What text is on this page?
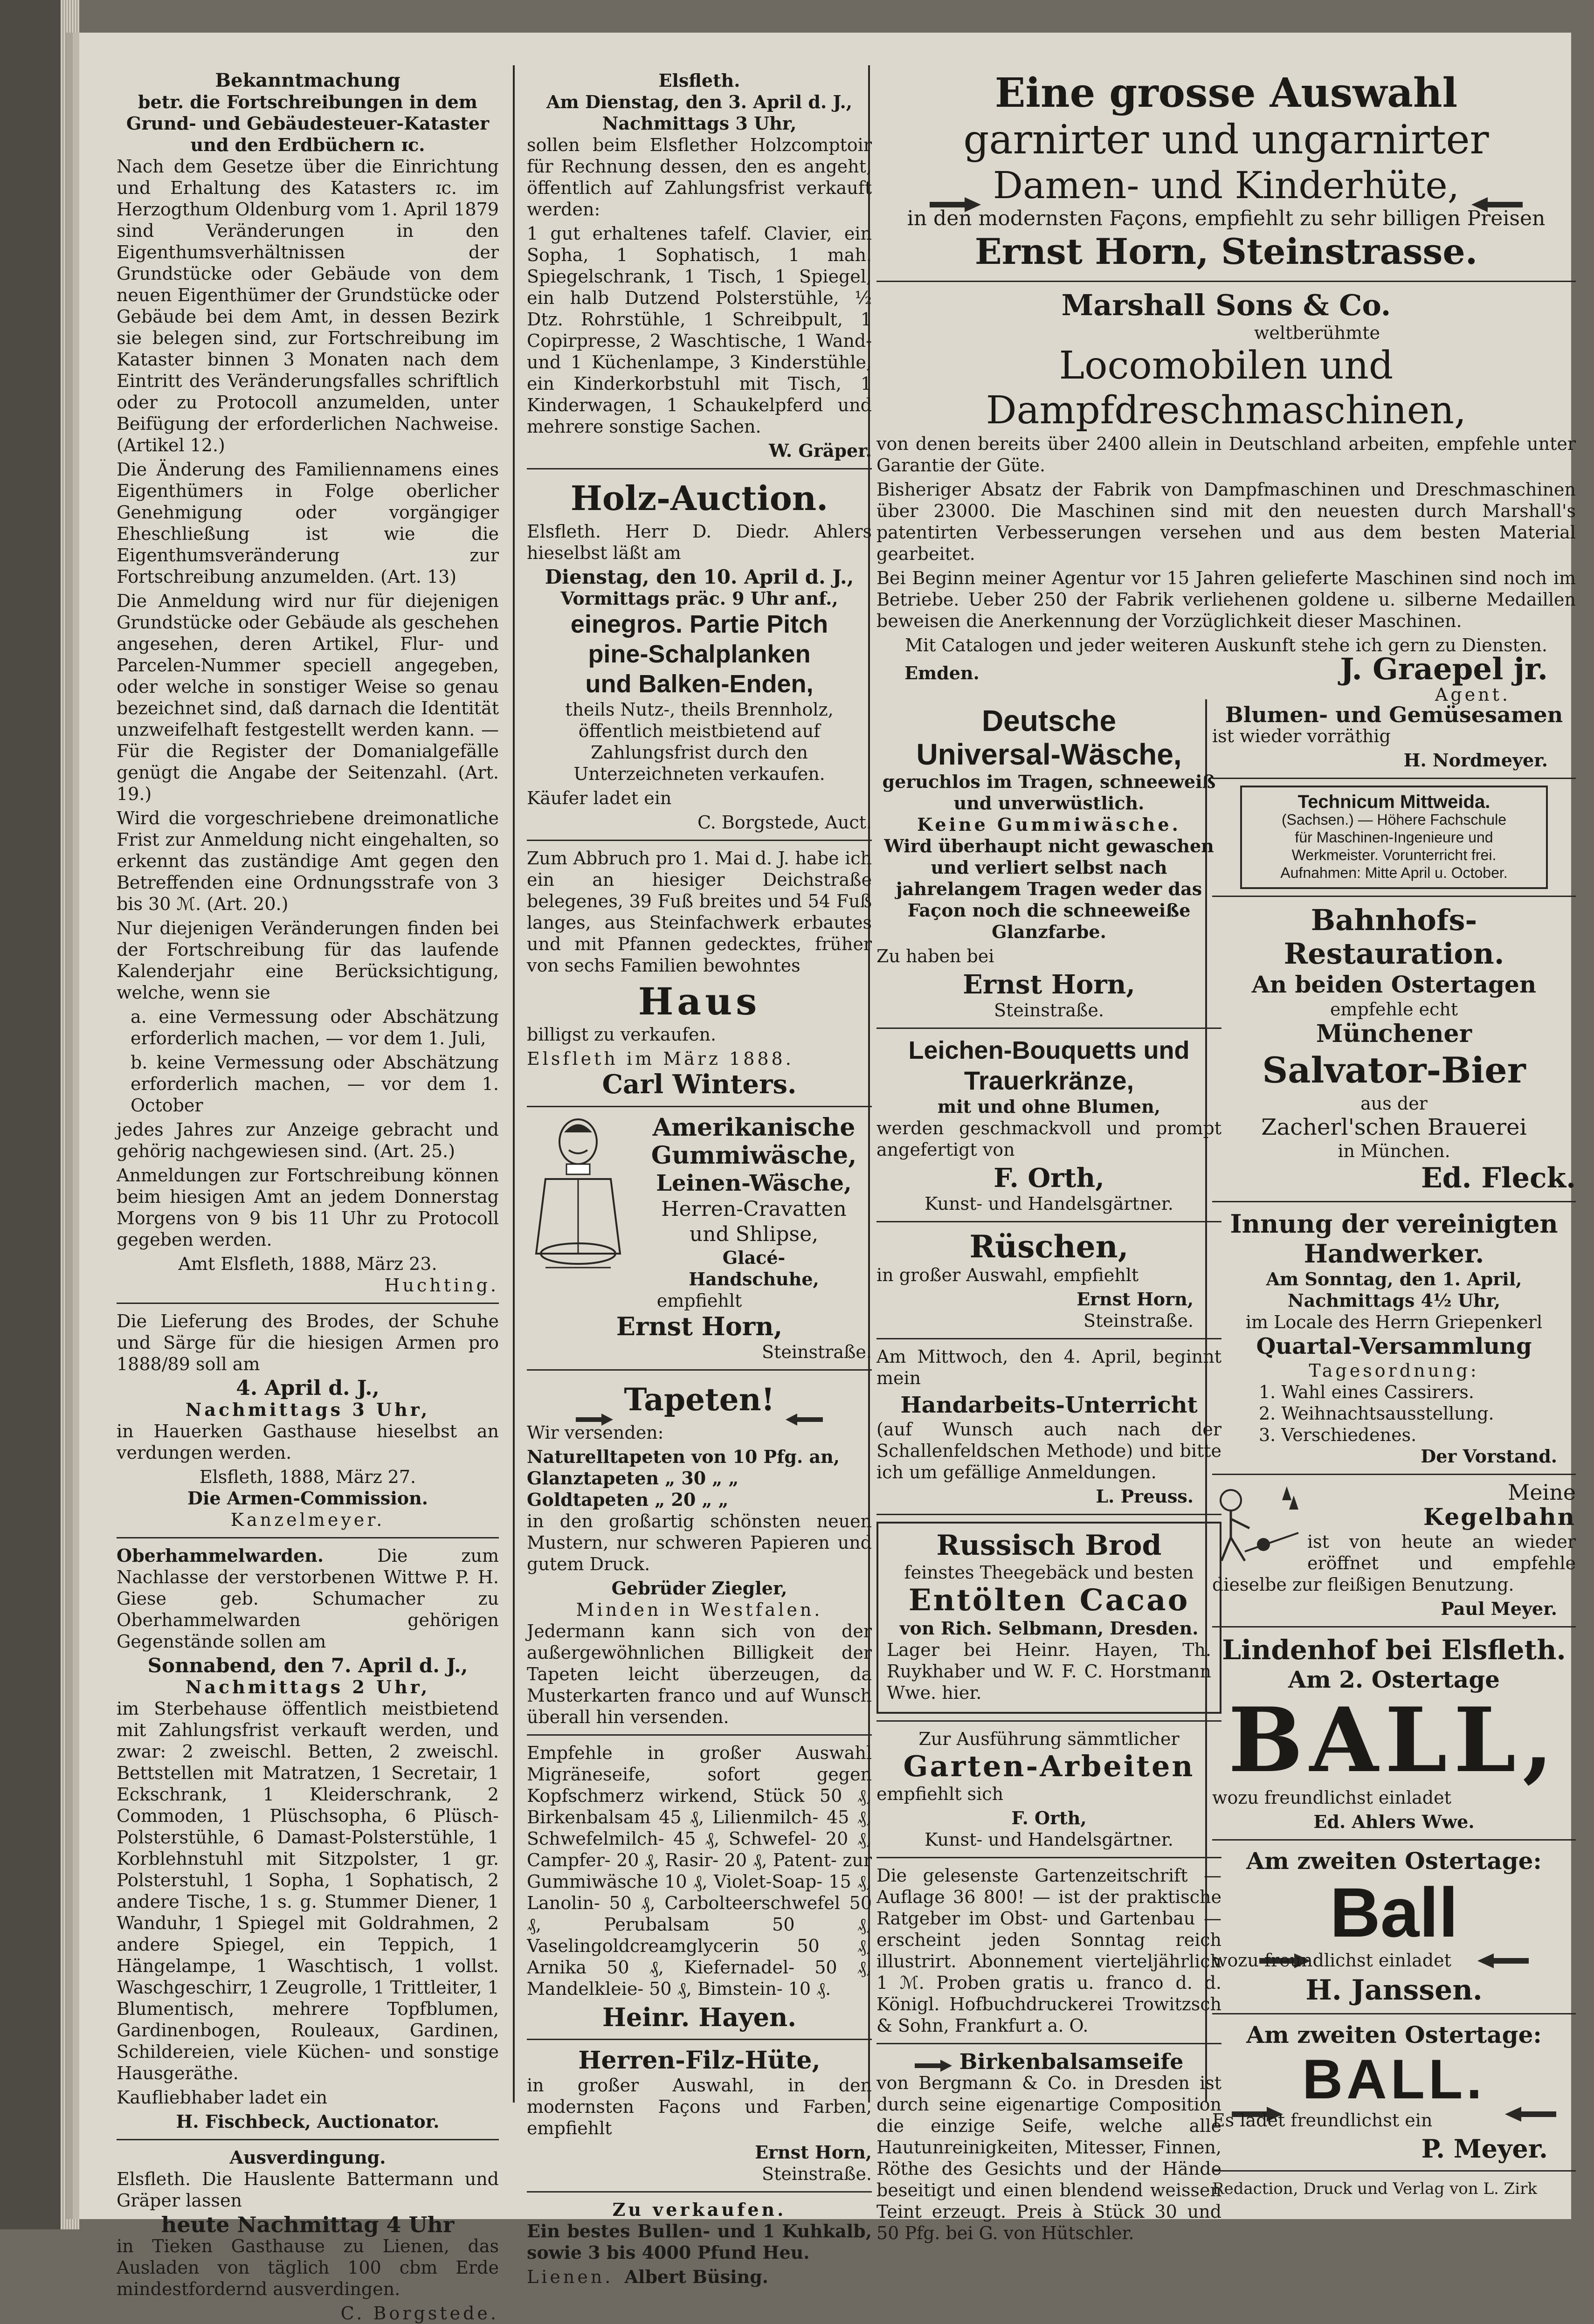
Bekanntmachung
betr. die Fortschreibungen in dem Grund- und Gebäudesteuer-Kataster und den Erdbüchern ɪc.

Nach dem Gesetze über die Einrichtung und Erhaltung des Katasters ɪc. im Herzogthum Oldenburg vom 1. April 1879 sind Veränderungen in den Eigenthumsverhältnissen der Grundstücke oder Gebäude von dem neuen Eigenthümer der Grundstücke oder Gebäude bei dem Amt, in dessen Bezirk sie belegen sind, zur Fortschreibung im Kataster binnen 3 Monaten nach dem Eintritt des Veränderungsfalles schriftlich oder zu Protocoll anzumelden, unter Beifügung der erforderlichen Nachweise. (Artikel 12.)

Die Änderung des Familiennamens eines Eigenthümers in Folge oberlicher Genehmigung oder vorgängiger Eheschließung ist wie die Eigenthumsveränderung zur Fortschreibung anzumelden. (Art. 13)

Die Anmeldung wird nur für diejenigen Grundstücke oder Gebäude als geschehen angesehen, deren Artikel, Flur- und Parcelen-Nummer speciell angegeben, oder welche in sonstiger Weise so genau bezeichnet sind, daß darnach die Identität unzweifelhaft festgestellt werden kann. — Für die Register der Domanialgefälle genügt die Angabe der Seitenzahl. (Art. 19.)

Wird die vorgeschriebene dreimonatliche Frist zur Anmeldung nicht eingehalten, so erkennt das zuständige Amt gegen den Betreffenden eine Ordnungsstrafe von 3 bis 30 ℳ. (Art. 20.)

Nur diejenigen Veränderungen finden bei der Fortschreibung für das laufende Kalenderjahr eine Berücksichtigung, welche, wenn sie

a. eine Vermessung oder Abschätzung erforderlich machen, — vor dem 1. Juli,

b. keine Vermessung oder Abschätzung erforderlich machen, — vor dem 1. October

jedes Jahres zur Anzeige gebracht und gehörig nachgewiesen sind. (Art. 25.)

Anmeldungen zur Fortschreibung können beim hiesigen Amt an jedem Donnerstag Morgens von 9 bis 11 Uhr zu Protocoll gegeben werden.

Amt Elsfleth, 1888, März 23.
Huchting.

Die Lieferung des Brodes, der Schuhe und Särge für die hiesigen Armen pro 1888/89 soll am

4. April d. J.,
Nachmittags 3 Uhr,

in Hauerken Gasthause hieselbst an verdungen werden.

Elsfleth, 1888, März 27.
Die Armen-Commission.
Kanzelmeyer.

Oberhammelwarden.	Die zum Nachlasse der verstorbenen Wittwe P. H. Giese geb. Schumacher zu Oberhammelwarden gehörigen Gegenstände sollen am

Sonnabend, den 7. April d. J.,
Nachmittags 2 Uhr,

im Sterbehause öffentlich meistbietend mit Zahlungsfrist verkauft werden, und zwar: 2 zweischl. Betten, 2 zweischl. Bettstellen mit Matratzen, 1 Secretair, 1 Eckschrank, 1 Kleiderschrank, 2 Commoden, 1 Plüschsopha, 6 Plüsch-Polsterstühle, 6 Damast-Polsterstühle, 1 Korblehnstuhl mit Sitzpolster, 1 gr. Polsterstuhl, 1 Sopha, 1 Sophatisch, 2 andere Tische, 1 s. g. Stummer Diener, 1 Wanduhr, 1 Spiegel mit Goldrahmen, 2 andere Spiegel, ein Teppich, 1 Hängelampe, 1 Waschtisch, 1 vollst. Waschgeschirr, 1 Zeugrolle, 1 Trittleiter, 1 Blumentisch, mehrere Topfblumen, Gardinenbogen, Rouleaux, Gardinen, Schildereien, viele Küchen- und sonstige Hausgeräthe.

Kaufliebhaber ladet ein

H. Fischbeck, Auctionator.
Ausverdingung.

Elsfleth. Die Hauslente Battermann und Gräper lassen

heute Nachmittag 4 Uhr

in Tieken Gasthause zu Lienen, das Ausladen von täglich 100 cbm Erde mindestfordernd ausverdingen.

C. Borgstede.
Elsfleth.
Am Dienstag, den 3. April d. J.,
Nachmittags 3 Uhr,

sollen beim Elsflether Holzcomptoir für Rechnung dessen, den es angeht, öffentlich auf Zahlungsfrist verkauft werden:

1 gut erhaltenes tafelf. Clavier, ein Sopha, 1 Sophatisch, 1 mah. Spiegelschrank, 1 Tisch, 1 Spiegel, ein halb Dutzend Polsterstühle, ½ Dtz. Rohrstühle, 1 Schreibpult, 1 Copirpresse, 2 Waschtische, 1 Wand- und 1 Küchenlampe, 3 Kinderstühle, ein Kinderkorbstuhl mit Tisch, 1 Kinderwagen, 1 Schaukelpferd und mehrere sonstige Sachen.

W. Gräper.
Holz-Auction.

Elsfleth. Herr D. Diedr. Ahlers hieselbst läßt am

Dienstag, den 10. April d. J.,
Vormittags präc. 9 Uhr anf.,
einegros. Partie Pitch
pine-Schalplanken
und Balken-Enden,

theils Nutz-, theils Brennholz, öffentlich meistbietend auf Zahlungsfrist durch den Unterzeichneten verkaufen.

Käufer ladet ein

C. Borgstede, Auct.

Zum Abbruch pro 1. Mai d. J. habe ich ein an hiesiger Deichstraße belegenes, 39 Fuß breites und 54 Fuß langes, aus Steinfachwerk erbautes und mit Pfannen gedecktes, früher von sechs Familien bewohntes

Haus

billigst zu verkaufen.

Elsfleth im März 1888.
Carl Winters.
Amerikanische
Gummiwäsche,
Leinen-Wäsche,
Herren-Cravatten
und Shlipse,
Glacé-
Handschuhe,
empfiehlt
Ernst Horn,
Steinstraße.
Tapeten!

Wir versenden:

Naturelltapeten von 10 Pfg. an,
Glanztapeten „ 30 „ „
Goldtapeten „ 20 „ „

in den großartig schönsten neuen Mustern, nur schweren Papieren und gutem Druck.

Gebrüder Ziegler,
Minden in Westfalen.

Jedermann kann sich von der außergewöhnlichen Billigkeit der Tapeten leicht überzeugen, da Musterkarten franco und auf Wunsch überall hin versenden.

Empfehle in großer Auswahl Migräneseife, sofort gegen Kopfschmerz wirkend, Stück 50 ₰, Birkenbalsam 45 ₰, Lilienmilch- 45 ₰, Schwefelmilch- 45 ₰, Schwefel- 20 ₰, Campfer- 20 ₰, Rasir- 20 ₰, Patent- zur Gummiwäsche 10 ₰, Violet-Soap- 15 ₰, Lanolin- 50 ₰, Carbolteerschwefel 50 ₰, Perubalsam 50 ₰, Vaselingoldcreamglycerin 50 ₰, Arnika 50 ₰, Kiefernadel- 50 ₰, Mandelkleie- 50 ₰, Bimstein- 10 ₰.

Heinr. Hayen.
Herren-Filz-Hüte,

in großer Auswahl, in den modernsten Façons und Farben, empfiehlt

Ernst Horn,
Steinstraße.
Zu verkaufen.

Ein bestes Bullen- und 1 Kuhkalb, sowie 3 bis 4000 Pfund Heu.

Lienen. Albert Büsing.
Eine grosse Auswahl
garnirter und ungarnirter
Damen- und Kinderhüte,
in den modernsten Façons, empfiehlt zu sehr billigen Preisen
Ernst Horn, Steinstrasse.
Marshall Sons & Co.
weltberühmte
Locomobilen und Dampfdreschmaschinen,

von denen bereits über 2400 allein in Deutschland arbeiten, empfehle unter Garantie der Güte.

Bisheriger Absatz der Fabrik von Dampfmaschinen und Dreschmaschinen über 23000. Die Maschinen sind mit den neuesten durch Marshall's patentirten Verbesserungen versehen und aus dem besten Material gearbeitet.

Bei Beginn meiner Agentur vor 15 Jahren gelieferte Maschinen sind noch im Betriebe. Ueber 250 der Fabrik verliehenen goldene u. silberne Medaillen beweisen die Anerkennung der Vorzüglichkeit dieser Maschinen.

Mit Catalogen und jeder weiteren Auskunft stehe ich gern zu Diensten.

Emden.	J. Graepel jr.
Agent.
Deutsche
Universal-Wäsche,
geruchlos im Tragen, schneeweiß und unverwüstlich.
Keine Gummiwäsche.

Wird überhaupt nicht gewaschen und verliert selbst nach jahrelangem Tragen weder das Façon noch die schneeweiße Glanzfarbe.

Zu haben bei

Ernst Horn,
Steinstraße.
Leichen-Bouquetts und
Trauerkränze,
mit und ohne Blumen,

werden geschmackvoll und prompt angefertigt von

F. Orth,
Kunst- und Handelsgärtner.
Rüschen,

in großer Auswahl, empfiehlt

Ernst Horn,
Steinstraße.

Am Mittwoch, den 4. April, beginnt mein

Handarbeits-Unterricht

(auf Wunsch auch nach der Schallenfeldschen Methode) und bitte ich um gefällige Anmeldungen.

L. Preuss.
Russisch Brod
feinstes Theegebäck und besten
Entölten Cacao
von Rich. Selbmann, Dresden.

Lager bei Heinr. Hayen, Th. Ruykhaber und W. F. C. Horstmann Wwe. hier.

Zur Ausführung sämmtlicher
Garten-Arbeiten

empfiehlt sich

F. Orth,
Kunst- und Handelsgärtner.

Die gelesenste Gartenzeitschrift — Auflage 36 800! — ist der praktische Ratgeber im Obst- und Gartenbau — erscheint jeden Sonntag reich illustrirt. Abonnement vierteljährlich 1 ℳ. Proben gratis u. franco d. d. Königl. Hofbuchdruckerei Trowitzsch & Sohn, Frankfurt a. O.

Birkenbalsamseife

von Bergmann & Co. in Dresden ist durch seine eigenartige Composition die einzige Seife, welche alle Hautunreinigkeiten, Mitesser, Finnen, Röthe des Gesichts und der Hände beseitigt und einen blendend weissen Teint erzeugt. Preis à Stück 30 und 50 Pfg. bei G. von Hütschler.

Blumen- und Gemüsesamen

ist wieder vorräthig

H. Nordmeyer.
Technicum Mittweida.
(Sachsen.) — Höhere Fachschule
für Maschinen-Ingenieure und
Werkmeister. Vorunterricht frei.
Aufnahmen: Mitte April u. October.
Bahnhofs-Restauration.
An beiden Ostertagen
empfehle echt
Münchener
Salvator-Bier
aus der
Zacherl'schen Brauerei
in München.
Ed. Fleck.
Innung der vereinigten
Handwerker.
Am Sonntag, den 1. April,
Nachmittags 4½ Uhr,
im Locale des Herrn Griepenkerl
Quartal-Versammlung
Tagesordnung:
1. Wahl eines Cassirers.
2. Weihnachtsausstellung.
3. Verschiedenes.
Der Vorstand.
Meine
Kegelbahn

ist von heute an wieder eröffnet und empfehle dieselbe zur fleißigen Benutzung.

Paul Meyer.
Lindenhof bei Elsfleth.
Am 2. Ostertage
BALL,

wozu freundlichst einladet

Ed. Ahlers Wwe.
Am zweiten Ostertage:
Ball

wozu freundlichst einladet

H. Janssen.
Am zweiten Ostertage:
BALL.

Es ladet freundlichst ein

P. Meyer.
Redaction, Druck und Verlag von L. Zirk
